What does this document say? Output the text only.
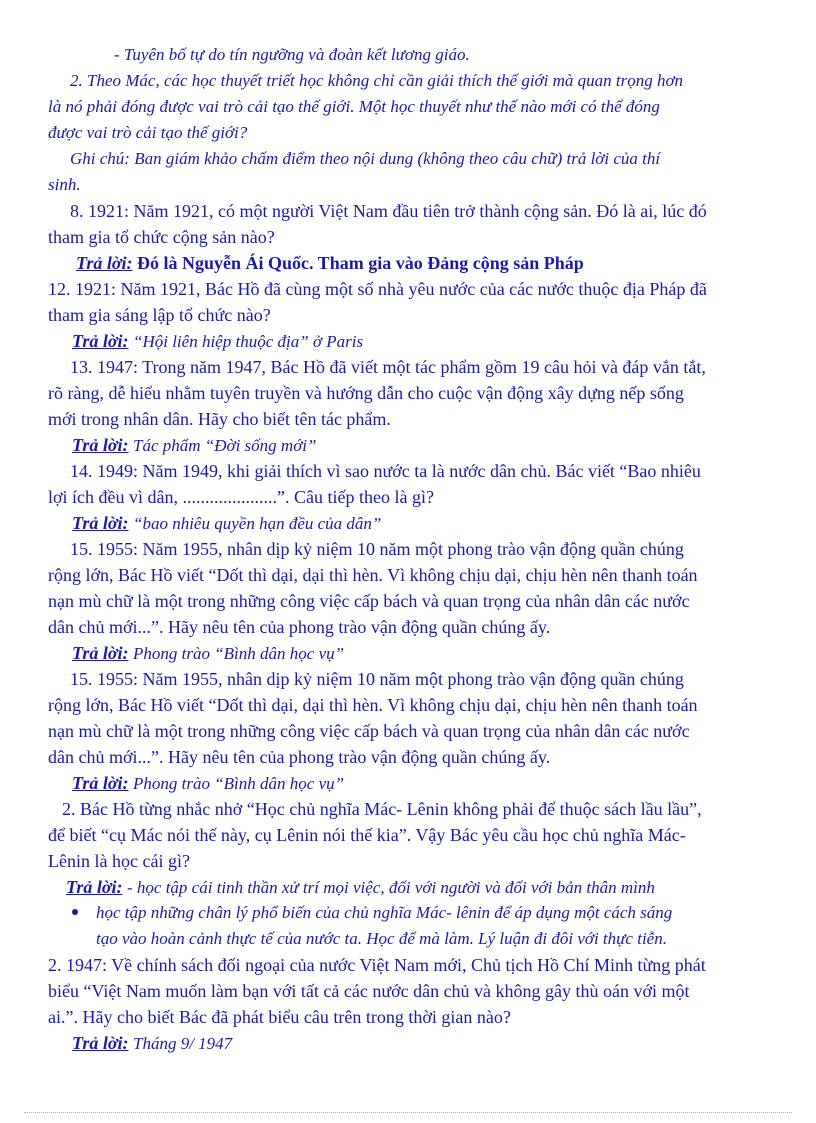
- Tuyên bố tự do tín ngưỡng và đoàn kết lương giáo.
2. Theo Mác, các học thuyết triết học không chỉ cần giải thích thế giới mà quan trọng hơn
là nó phải đóng được vai trò cải tạo thế giới. Một học thuyết như thế nào mới có thể đóng
được vai trò cải tạo thế giới?
Ghi chú: Ban giám khảo chấm điểm theo nội dung (không theo câu chữ) trả lời của thí
sinh.
8. 1921: Năm 1921, có một người Việt Nam đầu tiên trở thành cộng sản. Đó là ai, lúc đó
tham gia tổ chức cộng sản nào?
Trả lời: Đó là Nguyễn Ái Quốc. Tham gia vào Đảng cộng sản Pháp
12. 1921: Năm 1921, Bác Hồ đã cùng một số nhà yêu nước của các nước thuộc địa Pháp đã
tham gia sáng lập tổ chức nào?
Trả lời: “Hội liên hiệp thuộc địa” ở Paris
13. 1947: Trong năm 1947, Bác Hồ đã viết một tác phẩm gồm 19 câu hỏi và đáp vắn tắt,
rõ ràng, dễ hiểu nhằm tuyên truyền và hướng dẫn cho cuộc vận động xây dựng nếp sống
mới trong nhân dân. Hãy cho biết tên tác phẩm.
Trả lời: Tác phẩm “Đời sống mới”
14. 1949: Năm 1949, khi giải thích vì sao nước ta là nước dân chủ. Bác viết “Bao nhiêu
lợi ích đều vì dân, .....................”. Câu tiếp theo là gì?
Trả lời: “bao nhiêu quyền hạn đều của dân”
15. 1955: Năm 1955, nhân dịp kỷ niệm 10 năm một phong trào vận động quần chúng
rộng lớn, Bác Hồ viết “Dốt thì dại, dại thì hèn. Vì không chịu dại, chịu hèn nên thanh toán
nạn mù chữ là một trong những công việc cấp bách và quan trọng của nhân dân các nước
dân chủ mới...”. Hãy nêu tên của phong trào vận động quần chúng ấy.
Trả lời: Phong trào “Bình dân học vụ”
15. 1955: Năm 1955, nhân dịp kỷ niệm 10 năm một phong trào vận động quần chúng
rộng lớn, Bác Hồ viết “Dốt thì dại, dại thì hèn. Vì không chịu dại, chịu hèn nên thanh toán
nạn mù chữ là một trong những công việc cấp bách và quan trọng của nhân dân các nước
dân chủ mới...”. Hãy nêu tên của phong trào vận động quần chúng ấy.
Trả lời: Phong trào “Bình dân học vụ”
2. Bác Hồ từng nhắc nhở “Học chủ nghĩa Mác- Lênin không phải để thuộc sách lầu lầu”,
để biết “cụ Mác nói thế này, cụ Lênin nói thế kia”. Vậy Bác yêu cầu học chủ nghĩa Mác-
Lênin là học cái gì?
Trả lời: - học tập cái tinh thần xử trí mọi việc, đối với người và đối với bản thân mình
học tập những chân lý phổ biến của chủ nghĩa Mác- lênin để áp dụng một cách sáng
tạo vào hoàn cảnh thực tế của nước ta. Học để mà làm. Lý luận đi đôi với thực tiễn.
2. 1947: Về chính sách đối ngoại của nước Việt Nam mới, Chủ tịch Hồ Chí Minh từng phát
biểu “Việt Nam muốn làm bạn với tất cả các nước dân chủ và không gây thù oán với một
ai.”. Hãy cho biết Bác đã phát biểu câu trên trong thời gian nào?
Trả lời: Tháng 9/ 1947
